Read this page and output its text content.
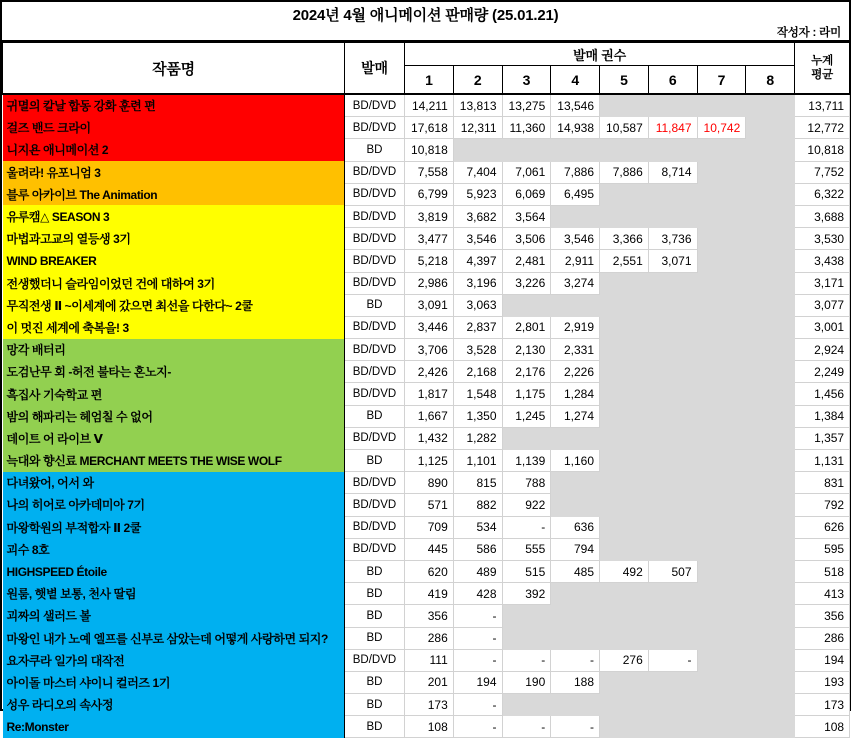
2024년 4월 애니메이션 판매량 (25.01.21)
작성자 : 라미
작품명	발매	발매 권수								누계
평균
		1	2	3	4	5	6	7	8	
귀멸의 칼날 합동 강화 훈련 편	BD/DVD	14,211	13,813	13,275	13,546					13,711
걸즈 밴드 크라이	BD/DVD	17,618	12,311	11,360	14,938	10,587	11,847	10,742		12,772
니지욘 애니메이션 2	BD	10,818								10,818
울려라! 유포니엄 3	BD/DVD	7,558	7,404	7,061	7,886	7,886	8,714			7,752
블루 아카이브 The Animation	BD/DVD	6,799	5,923	6,069	6,495					6,322
유루캠△ SEASON 3	BD/DVD	3,819	3,682	3,564						3,688
마법과고교의 열등생 3기	BD/DVD	3,477	3,546	3,506	3,546	3,366	3,736			3,530
WIND BREAKER	BD/DVD	5,218	4,397	2,481	2,911	2,551	3,071			3,438
전생했더니 슬라임이었던 건에 대하여 3기	BD/DVD	2,986	3,196	3,226	3,274					3,171
무직전생 Ⅱ ~이세계에 갔으면 최선을 다한다~ 2쿨	BD	3,091	3,063							3,077
이 멋진 세계에 축복을! 3	BD/DVD	3,446	2,837	2,801	2,919					3,001
망각 배터리	BD/DVD	3,706	3,528	2,130	2,331					2,924
도검난무 회 -허전 불타는 혼노지-	BD/DVD	2,426	2,168	2,176	2,226					2,249
흑집사 기숙학교 편	BD/DVD	1,817	1,548	1,175	1,284					1,456
밤의 해파리는 헤엄칠 수 없어	BD	1,667	1,350	1,245	1,274					1,384
데이트 어 라이브 Ⅴ	BD/DVD	1,432	1,282							1,357
늑대와 향신료 MERCHANT MEETS THE WISE WOLF	BD	1,125	1,101	1,139	1,160					1,131
다녀왔어, 어서 와	BD/DVD	890	815	788						831
나의 히어로 아카데미아 7기	BD/DVD	571	882	922						792
마왕학원의 부적합자 Ⅱ 2쿨	BD/DVD	709	534	-	636					626
괴수 8호	BD/DVD	445	586	555	794					595
HIGHSPEED Étoile	BD	620	489	515	485	492	507			518
원룸, 햇볕 보통, 천사 딸림	BD	419	428	392						413
괴짜의 샐러드 볼	BD	356	-							356
마왕인 내가 노예 엘프를 신부로 삼았는데 어떻게 사랑하면 되지?	BD	286	-							286
요자쿠라 일가의 대작전	BD/DVD	111	-	-	-	276	-			194
아이돌 마스터 샤이니 컬러즈 1기	BD	201	194	190	188					193
성우 라디오의 속사정	BD	173	-							173
Re:Monster	BD	108	-	-	-					108
